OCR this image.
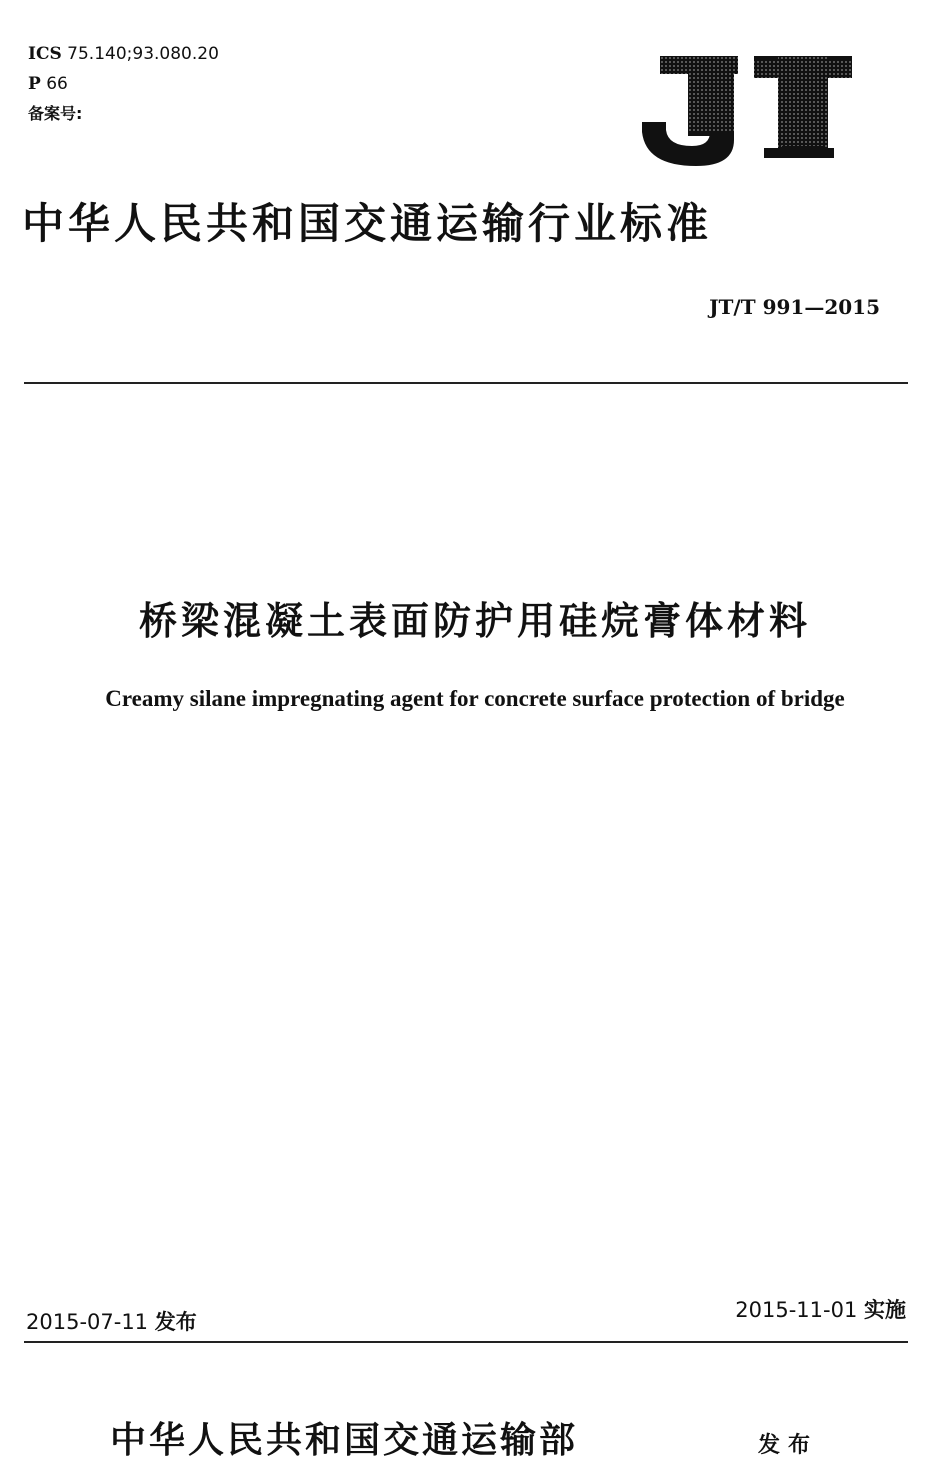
ICS 75.140;93.080.20
P 66
备案号:	JT
中华人民共和国交通运输行业标准
JT/T 991—2015
桥梁混凝土表面防护用硅烷膏体材料
Creamy silane impregnating agent for concrete surface protection of bridge
2015-07-11 发布	2015-11-01 实施
中华人民共和国交通运输部	发布
